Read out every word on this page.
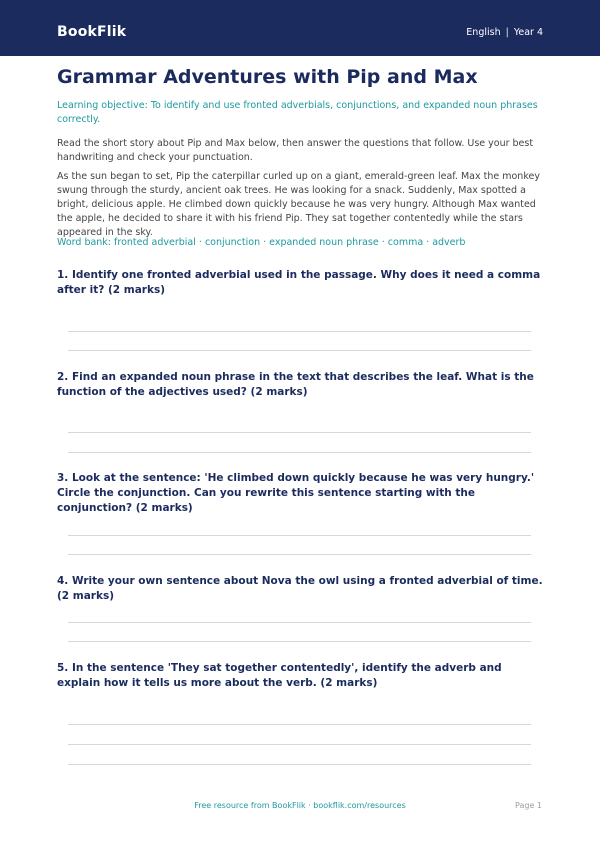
BookFlik	English | Year 4
Grammar Adventures with Pip and Max

Learning objective: To identify and use fronted adverbials, conjunctions, and expanded noun phrases correctly.

Read the short story about Pip and Max below, then answer the questions that follow. Use your best handwriting and check your punctuation.

As the sun began to set, Pip the caterpillar curled up on a giant, emerald-green leaf. Max the monkey swung through the sturdy, ancient oak trees. He was looking for a snack. Suddenly, Max spotted a bright, delicious apple. He climbed down quickly because he was very hungry. Although Max wanted the apple, he decided to share it with his friend Pip. They sat together contentedly while the stars appeared in the sky.

Word bank: fronted adverbial · conjunction · expanded noun phrase · comma · adverb

1. Identify one fronted adverbial used in the passage. Why does it need a comma after it? (2 marks)
2. Find an expanded noun phrase in the text that describes the leaf. What is the function of the adjectives used? (2 marks)
3. Look at the sentence: 'He climbed down quickly because he was very hungry.' Circle the conjunction. Can you rewrite this sentence starting with the conjunction? (2 marks)
4. Write your own sentence about Nova the owl using a fronted adverbial of time. (2 marks)
5. In the sentence 'They sat together contentedly', identify the adverb and explain how it tells us more about the verb. (2 marks)
Free resource from BookFlik · bookflik.com/resources	Page 1
